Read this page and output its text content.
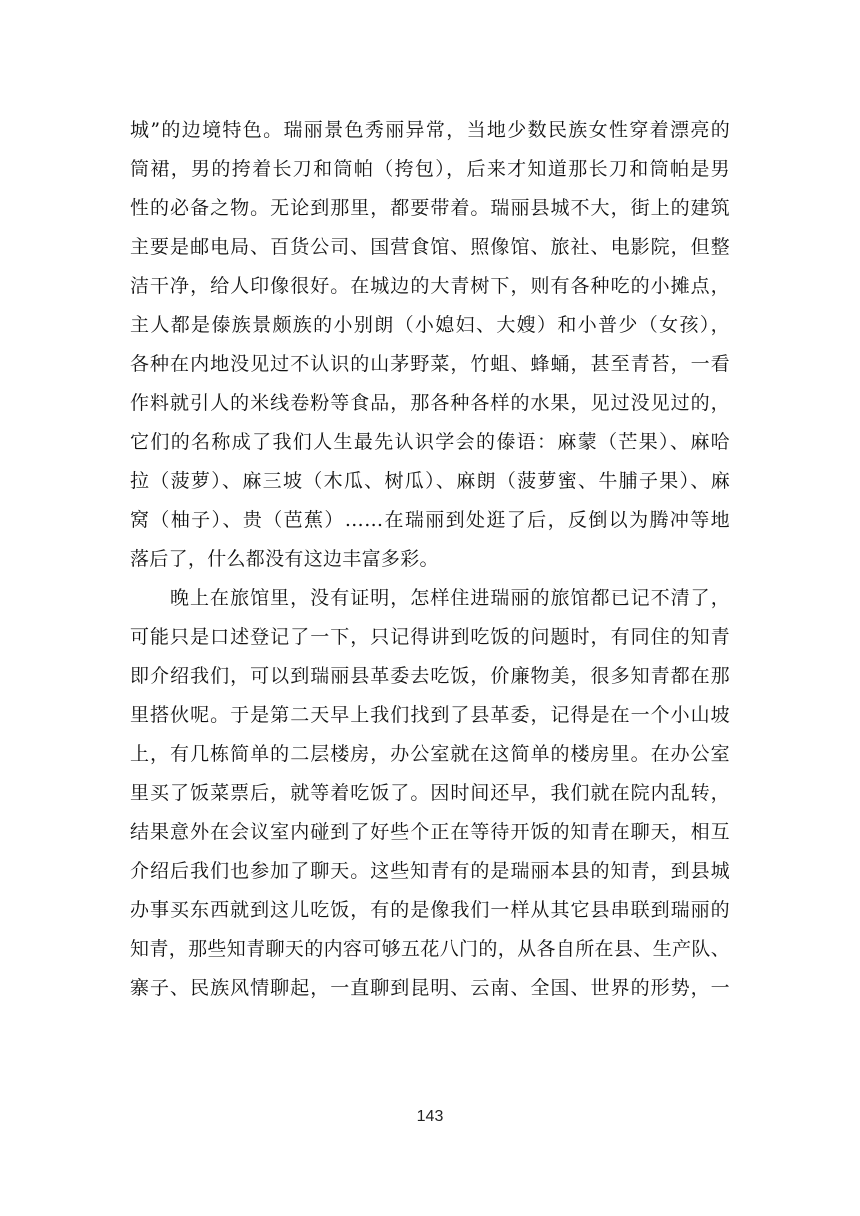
城”的边境特色。瑞丽景色秀丽异常，当地少数民族女性穿着漂亮的
筒裙，男的挎着长刀和筒帕（挎包），后来才知道那长刀和筒帕是男
性的必备之物。无论到那里，都要带着。瑞丽县城不大，街上的建筑
主要是邮电局、百货公司、国营食馆、照像馆、旅社、电影院，但整
洁干净，给人印像很好。在城边的大青树下，则有各种吃的小摊点，
主人都是傣族景颇族的小别朗（小媳妇、大嫂）和小普少（女孩），
各种在内地没见过不认识的山茅野菜，竹蛆、蜂蛹，甚至青苔，一看
作料就引人的米线卷粉等食品，那各种各样的水果，见过没见过的，
它们的名称成了我们人生最先认识学会的傣语：麻蒙（芒果）、麻哈
拉（菠萝）、麻三坡（木瓜、树瓜）、麻朗（菠萝蜜、牛脯子果）、麻
窝（柚子）、贵（芭蕉）……在瑞丽到处逛了后，反倒以为腾冲等地
落后了，什么都没有这边丰富多彩。
晚上在旅馆里，没有证明，怎样住进瑞丽的旅馆都已记不清了，
可能只是口述登记了一下，只记得讲到吃饭的问题时，有同住的知青
即介绍我们，可以到瑞丽县革委去吃饭，价廉物美，很多知青都在那
里搭伙呢。于是第二天早上我们找到了县革委，记得是在一个小山坡
上，有几栋简单的二层楼房，办公室就在这简单的楼房里。在办公室
里买了饭菜票后，就等着吃饭了。因时间还早，我们就在院内乱转，
结果意外在会议室内碰到了好些个正在等待开饭的知青在聊天，相互
介绍后我们也参加了聊天。这些知青有的是瑞丽本县的知青，到县城
办事买东西就到这儿吃饭，有的是像我们一样从其它县串联到瑞丽的
知青，那些知青聊天的内容可够五花八门的，从各自所在县、生产队、
寨子、民族风情聊起，一直聊到昆明、云南、全国、世界的形势，一
143
